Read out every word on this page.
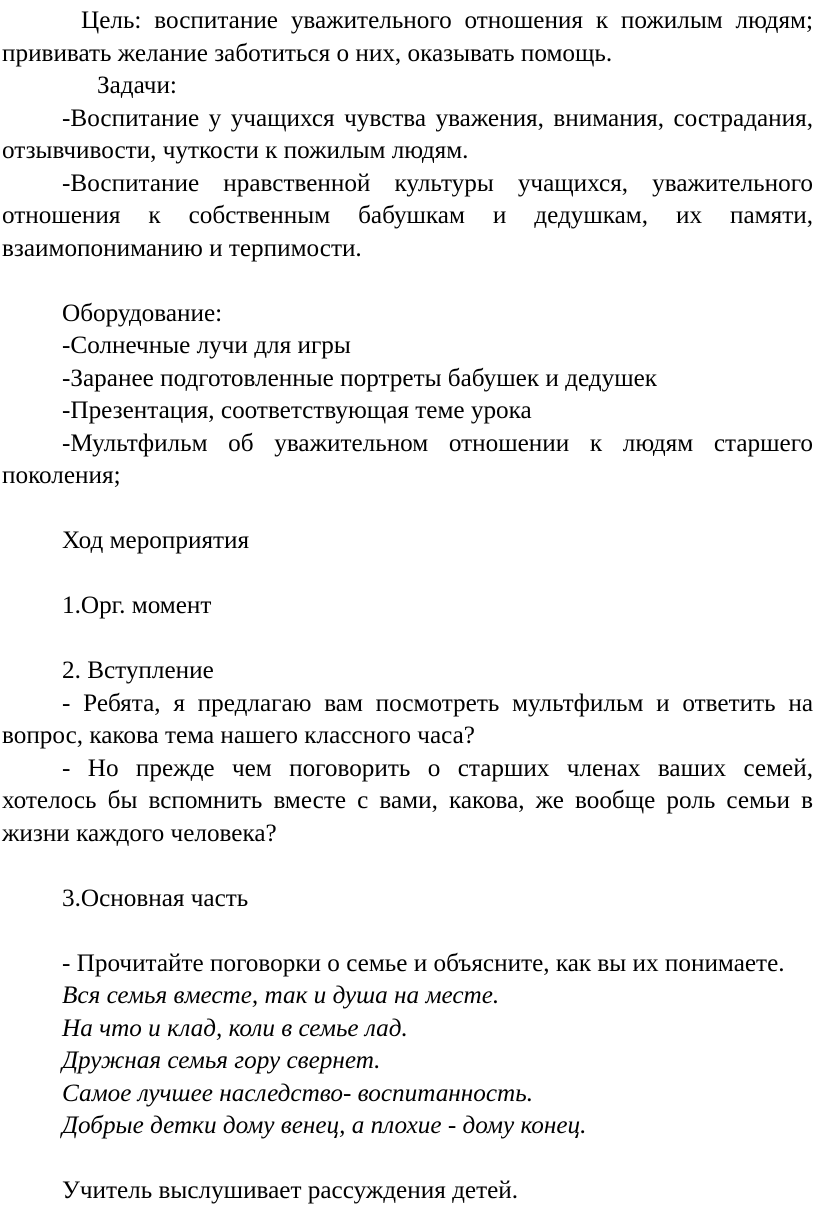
Цель: воспитание уважительного отношения к пожилым людям; прививать желание заботиться о них, оказывать помощь.

Задачи:

-Воспитание у учащихся чувства уважения, внимания, сострадания, отзывчивости, чуткости к пожилым людям.

-Воспитание нравственной культуры учащихся, уважительного отношения к собственным бабушкам и дедушкам, их памяти, взаимопониманию и терпимости.

Оборудование:

-Солнечные лучи для игры

-Заранее подготовленные портреты бабушек и дедушек

-Презентация, соответствующая теме урока

-Мультфильм об уважительном отношении к людям старшего поколения;

Ход мероприятия

1.Орг. момент

2. Вступление

- Ребята, я предлагаю вам посмотреть мультфильм и ответить на вопрос, какова тема нашего классного часа?

- Но прежде чем поговорить о старших членах ваших семей, хотелось бы вспомнить вместе с вами, какова, же вообще роль семьи в жизни каждого человека?

3.Основная часть

- Прочитайте поговорки о семье и объясните, как вы их понимаете.

Вся семья вместе, так и душа на месте.

На что и клад, коли в семье лад.

Дружная семья гору свернет.

Самое лучшее наследство- воспитанность.

Добрые детки дому венец, а плохие - дому конец.

Учитель выслушивает рассуждения детей.
